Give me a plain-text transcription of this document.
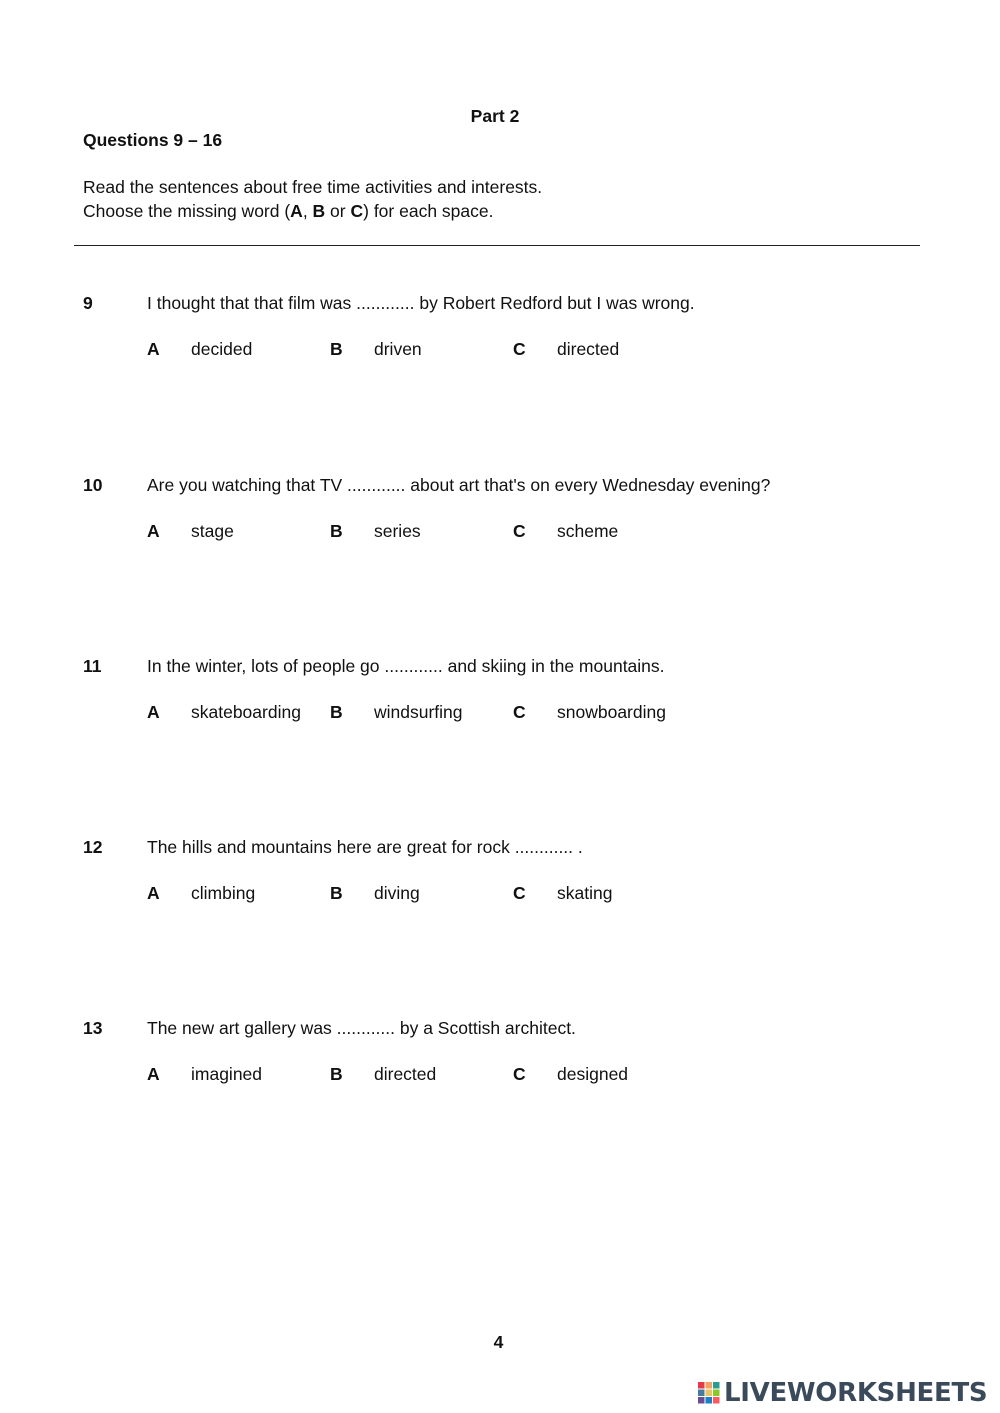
Part 2
Questions 9 – 16
Read the sentences about free time activities and interests.
Choose the missing word (A, B or C) for each space.
9	I thought that that film was ............ by Robert Redford but I was wrong.
A decided	B driven	C directed
10	Are you watching that TV ............ about art that's on every Wednesday evening?
A stage	B series	C scheme
11	In the winter, lots of people go ............ and skiing in the mountains.
A skateboarding B windsurfing	C snowboarding
12	The hills and mountains here are great for rock ............ .
A climbing	B diving	C skating
13	The new art gallery was ............ by a Scottish architect.
A imagined	B directed	C designed
4
LIVEWORKSHEETS
